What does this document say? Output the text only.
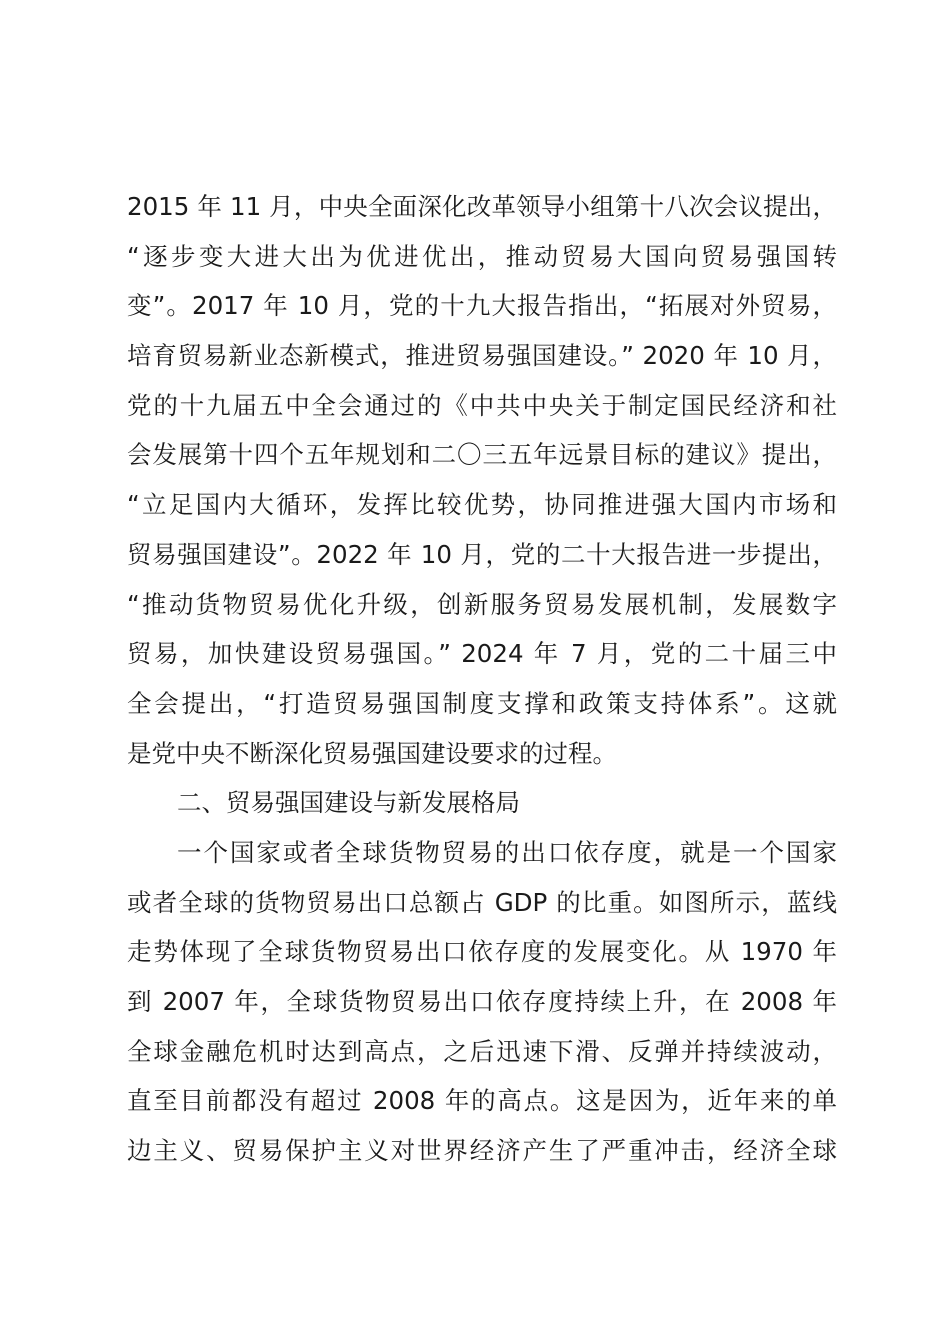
2015 年 11 月，中央全面深化改革领导小组第十八次会议提出，
“逐步变大进大出为优进优出，推动贸易大国向贸易强国转
变”。2017 年 10 月，党的十九大报告指出，“拓展对外贸易，
培育贸易新业态新模式，推进贸易强国建设。” 2020 年 10 月，
党的十九届五中全会通过的《中共中央关于制定国民经济和社
会发展第十四个五年规划和二〇三五年远景目标的建议》提出，
“立足国内大循环，发挥比较优势，协同推进强大国内市场和
贸易强国建设”。2022 年 10 月，党的二十大报告进一步提出，
“推动货物贸易优化升级，创新服务贸易发展机制，发展数字
贸易，加快建设贸易强国。” 2024 年 7 月，党的二十届三中
全会提出，“打造贸易强国制度支撑和政策支持体系”。这就
是党中央不断深化贸易强国建设要求的过程。
二、贸易强国建设与新发展格局
一个国家或者全球货物贸易的出口依存度，就是一个国家
或者全球的货物贸易出口总额占 GDP 的比重。如图所示，蓝线
走势体现了全球货物贸易出口依存度的发展变化。从 1970 年
到 2007 年，全球货物贸易出口依存度持续上升，在 2008 年
全球金融危机时达到高点，之后迅速下滑、反弹并持续波动，
直至目前都没有超过 2008 年的高点。这是因为，近年来的单
边主义、贸易保护主义对世界经济产生了严重冲击，经济全球
